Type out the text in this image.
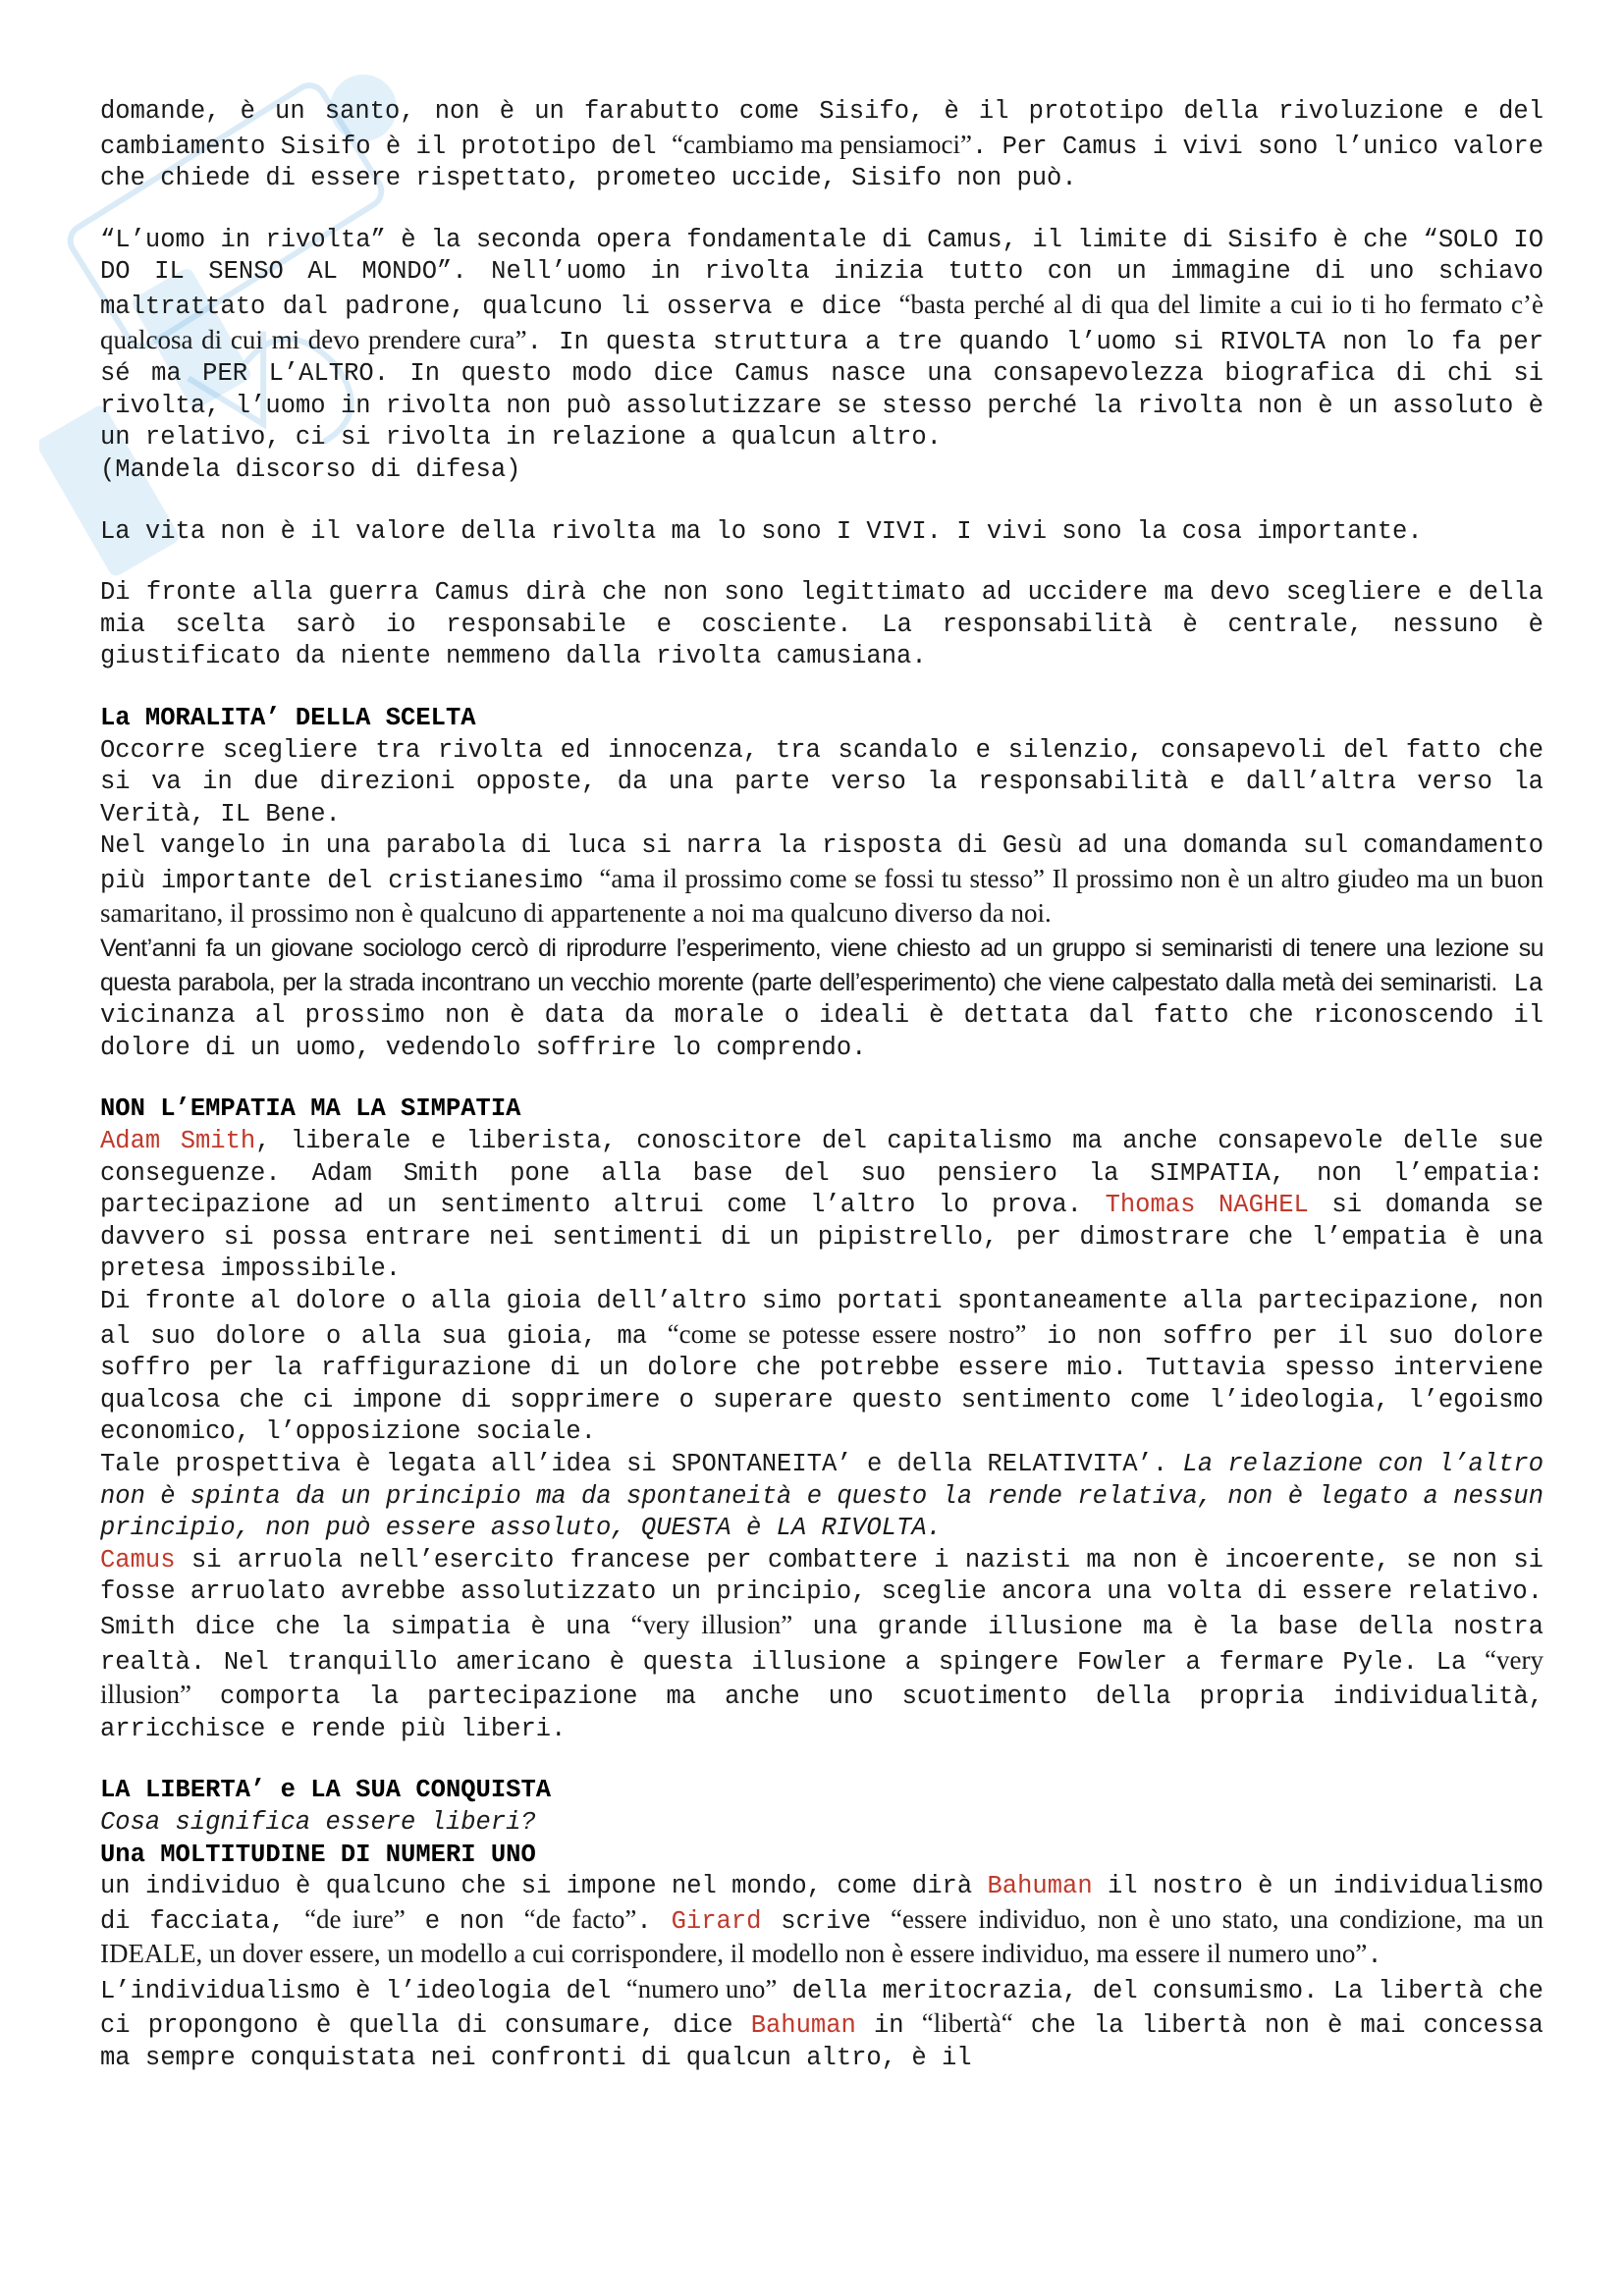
domande, è un santo, non è un farabutto come Sisifo, è il prototipo della rivoluzione e del cambiamento Sisifo è il prototipo del “cambiamo ma pensiamoci”. Per Camus i vivi sono l’unico valore che chiede di essere rispettato, prometeo uccide, Sisifo non può.

“L’uomo in rivolta” è la seconda opera fondamentale di Camus, il limite di Sisifo è che “SOLO IO DO IL SENSO AL MONDO”. Nell’uomo in rivolta inizia tutto con un immagine di uno schiavo maltrattato dal padrone, qualcuno li osserva e dice “basta perché al di qua del limite a cui io ti ho fermato c’è qualcosa di cui mi devo prendere cura”. In questa struttura a tre quando l’uomo si RIVOLTA non lo fa per sé ma PER L’ALTRO. In questo modo dice Camus nasce una consapevolezza biografica di chi si rivolta, l’uomo in rivolta non può assolutizzare se stesso perché la rivolta non è un assoluto è un relativo, ci si rivolta in relazione a qualcun altro.

(Mandela discorso di difesa)

La vita non è il valore della rivolta ma lo sono I VIVI. I vivi sono la cosa importante.

Di fronte alla guerra Camus dirà che non sono legittimato ad uccidere ma devo scegliere e della mia scelta sarò io responsabile e cosciente. La responsabilità è centrale, nessuno è giustificato da niente nemmeno dalla rivolta camusiana.

La MORALITA’ DELLA SCELTA

Occorre scegliere tra rivolta ed innocenza, tra scandalo e silenzio, consapevoli del fatto che si va in due direzioni opposte, da una parte verso la responsabilità e dall’altra verso la Verità, IL Bene.

Nel vangelo in una parabola di luca si narra la risposta di Gesù ad una domanda sul comandamento più importante del cristianesimo “ama il prossimo come se fossi tu stesso” Il prossimo non è un altro giudeo ma un buon samaritano, il prossimo non è qualcuno di appartenente a noi ma qualcuno diverso da noi.

Vent’anni fa un giovane sociologo cercò di riprodurre l’esperimento, viene chiesto ad un gruppo si seminaristi di tenere una lezione su questa parabola, per la strada incontrano un vecchio morente (parte dell’esperimento) che viene calpestato dalla metà dei seminaristi. La vicinanza al prossimo non è data da morale o ideali è dettata dal fatto che riconoscendo il dolore di un uomo, vedendolo soffrire lo comprendo.

NON L’EMPATIA MA LA SIMPATIA

Adam Smith, liberale e liberista, conoscitore del capitalismo ma anche consapevole delle sue conseguenze. Adam Smith pone alla base del suo pensiero la SIMPATIA, non l’empatia: partecipazione ad un sentimento altrui come l’altro lo prova. Thomas NAGHEL si domanda se davvero si possa entrare nei sentimenti di un pipistrello, per dimostrare che l’empatia è una pretesa impossibile.

Di fronte al dolore o alla gioia dell’altro simo portati spontaneamente alla partecipazione, non al suo dolore o alla sua gioia, ma “come se potesse essere nostro” io non soffro per il suo dolore soffro per la raffigurazione di un dolore che potrebbe essere mio. Tuttavia spesso interviene qualcosa che ci impone di sopprimere o superare questo sentimento come l’ideologia, l’egoismo economico, l’opposizione sociale.

Tale prospettiva è legata all’idea si SPONTANEITA’ e della RELATIVITA’. La relazione con l’altro non è spinta da un principio ma da spontaneità e questo la rende relativa, non è legato a nessun principio, non può essere assoluto, QUESTA è LA RIVOLTA.

Camus si arruola nell’esercito francese per combattere i nazisti ma non è incoerente, se non si fosse arruolato avrebbe assolutizzato un principio, sceglie ancora una volta di essere relativo.

Smith dice che la simpatia è una “very illusion” una grande illusione ma è la base della nostra realtà. Nel tranquillo americano è questa illusione a spingere Fowler a fermare Pyle. La “very illusion” comporta la partecipazione ma anche uno scuotimento della propria individualità, arricchisce e rende più liberi.

LA LIBERTA’ e LA SUA CONQUISTA

Cosa significa essere liberi?

Una MOLTITUDINE DI NUMERI UNO

un individuo è qualcuno che si impone nel mondo, come dirà Bahuman il nostro è un individualismo di facciata, “de iure” e non “de facto”. Girard scrive “essere individuo, non è uno stato, una condizione, ma un IDEALE, un dover essere, un modello a cui corrispondere, il modello non è essere individuo, ma essere il numero uno”.

L’individualismo è l’ideologia del “numero uno” della meritocrazia, del consumismo. La libertà che ci propongono è quella di consumare, dice Bahuman in “libertà“ che la libertà non è mai concessa ma sempre conquistata nei confronti di qualcun altro, è il
